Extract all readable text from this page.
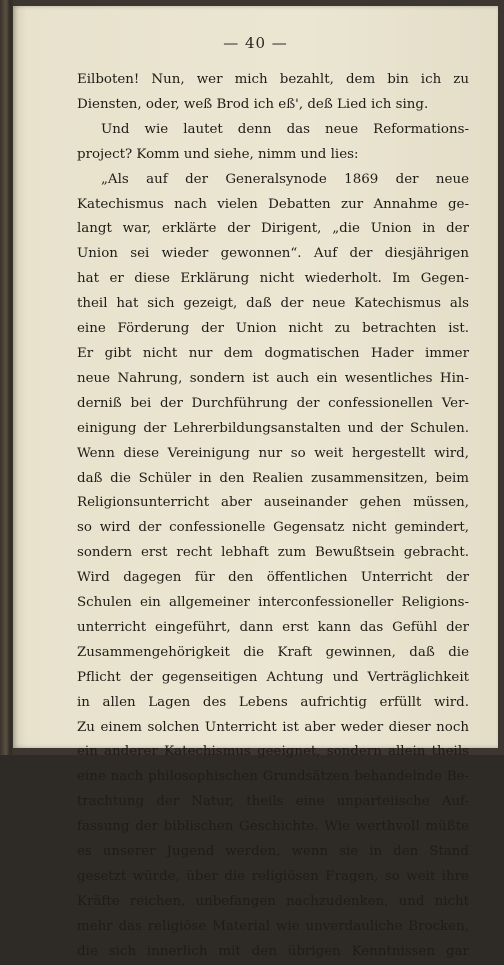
— 40 —
Eilboten! Nun, wer mich bezahlt, dem bin ich zu
Diensten, oder, weß Brod ich eß', deß Lied ich sing.
Und wie lautet denn das neue Reformations-
project? Komm und siehe, nimm und lies:
„Als auf der Generalsynode 1869 der neue
Katechismus nach vielen Debatten zur Annahme ge-
langt war, erklärte der Dirigent, „die Union in der
Union sei wieder gewonnen“. Auf der diesjährigen
hat er diese Erklärung nicht wiederholt. Im Gegen-
theil hat sich gezeigt, daß der neue Katechismus als
eine Förderung der Union nicht zu betrachten ist.
Er gibt nicht nur dem dogmatischen Hader immer
neue Nahrung, sondern ist auch ein wesentliches Hin-
derniß bei der Durchführung der confessionellen Ver-
einigung der Lehrerbildungsanstalten und der Schulen.
Wenn diese Vereinigung nur so weit hergestellt wird,
daß die Schüler in den Realien zusammensitzen, beim
Religionsunterricht aber auseinander gehen müssen,
so wird der confessionelle Gegensatz nicht gemindert,
sondern erst recht lebhaft zum Bewußtsein gebracht.
Wird dagegen für den öffentlichen Unterricht der
Schulen ein allgemeiner interconfessioneller Religions-
unterricht eingeführt, dann erst kann das Gefühl der
Zusammengehörigkeit die Kraft gewinnen, daß die
Pflicht der gegenseitigen Achtung und Verträglichkeit
in allen Lagen des Lebens aufrichtig erfüllt wird.
Zu einem solchen Unterricht ist aber weder dieser noch
ein anderer Katechismus geeignet, sondern allein theils
eine nach philosophischen Grundsätzen behandelnde Be-
trachtung der Natur, theils eine unparteiische Auf-
fassung der biblischen Geschichte. Wie werthvoll müßte
es unserer Jugend werden, wenn sie in den Stand
gesetzt würde, über die religiösen Fragen, so weit ihre
Kräfte reichen, unbefangen nachzudenken, und nicht
mehr das religiöse Material wie unverdauliche Brocken,
die sich innerlich mit den übrigen Kenntnissen gar
